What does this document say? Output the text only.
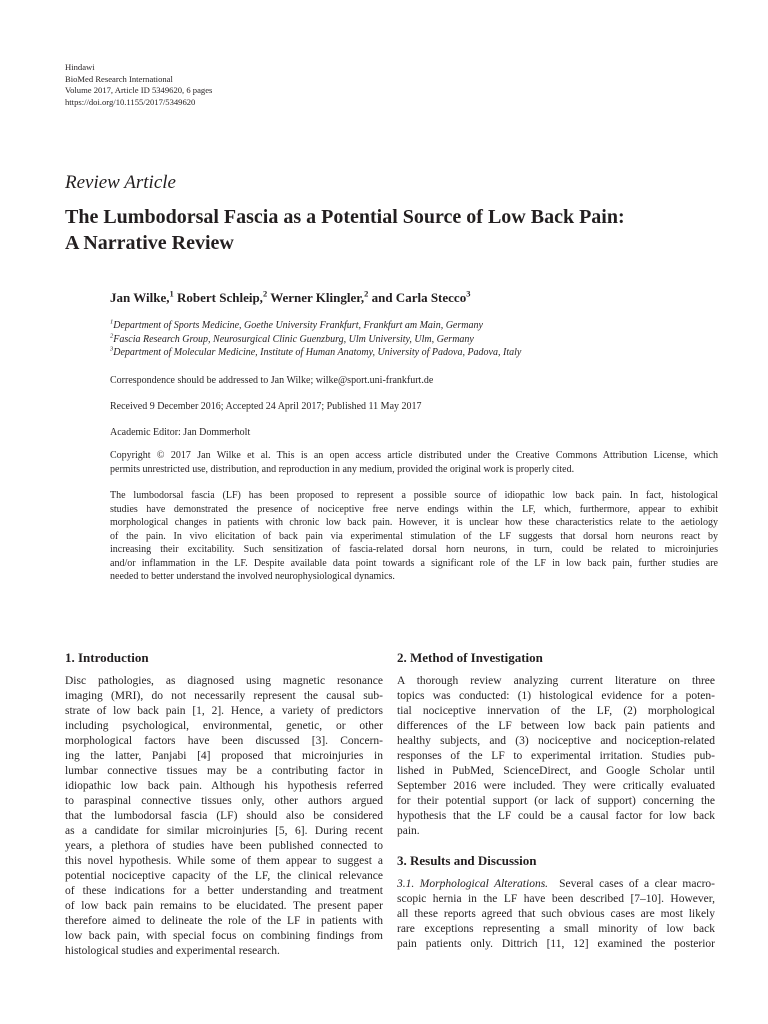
Hindawi
BioMed Research International
Volume 2017, Article ID 5349620, 6 pages
https://doi.org/10.1155/2017/5349620
Review Article
The Lumbodorsal Fascia as a Potential Source of Low Back Pain:
A Narrative Review
Jan Wilke,$^1$ Robert Schleip,$^2$ Werner Klingler,$^2$ and Carla Stecco$^3$
$^1$Department of Sports Medicine, Goethe University Frankfurt, Frankfurt am Main, Germany
$^2$Fascia Research Group, Neurosurgical Clinic Guenzburg, Ulm University, Ulm, Germany
$^3$Department of Molecular Medicine, Institute of Human Anatomy, University of Padova, Padova, Italy
Correspondence should be addressed to Jan Wilke; wilke@sport.uni-frankfurt.de
Received 9 December 2016; Accepted 24 April 2017; Published 11 May 2017
Academic Editor: Jan Dommerholt
Copyright © 2017 Jan Wilke et al. This is an open access article distributed under the Creative Commons Attribution License, which
permits unrestricted use, distribution, and reproduction in any medium, provided the original work is properly cited.
The lumbodorsal fascia (LF) has been proposed to represent a possible source of idiopathic low back pain. In fact, histological
studies have demonstrated the presence of nociceptive free nerve endings within the LF, which, furthermore, appear to exhibit
morphological changes in patients with chronic low back pain. However, it is unclear how these characteristics relate to the aetiology
of the pain. In vivo elicitation of back pain via experimental stimulation of the LF suggests that dorsal horn neurons react by
increasing their excitability. Such sensitization of fascia-related dorsal horn neurons, in turn, could be related to microinjuries
and/or inflammation in the LF. Despite available data point towards a significant role of the LF in low back pain, further studies are
needed to better understand the involved neurophysiological dynamics.
1. Introduction
Disc pathologies, as diagnosed using magnetic resonance
imaging (MRI), do not necessarily represent the causal sub-
strate of low back pain [1, 2]. Hence, a variety of predictors
including psychological, environmental, genetic, or other
morphological factors have been discussed [3]. Concern-
ing the latter, Panjabi [4] proposed that microinjuries in
lumbar connective tissues may be a contributing factor in
idiopathic low back pain. Although his hypothesis referred
to paraspinal connective tissues only, other authors argued
that the lumbodorsal fascia (LF) should also be considered
as a candidate for similar microinjuries [5, 6]. During recent
years, a plethora of studies have been published connected to
this novel hypothesis. While some of them appear to suggest a
potential nociceptive capacity of the LF, the clinical relevance
of these indications for a better understanding and treatment
of low back pain remains to be elucidated. The present paper
therefore aimed to delineate the role of the LF in patients with
low back pain, with special focus on combining findings from
histological studies and experimental research.
2. Method of Investigation
A thorough review analyzing current literature on three
topics was conducted: (1) histological evidence for a poten-
tial nociceptive innervation of the LF, (2) morphological
differences of the LF between low back pain patients and
healthy subjects, and (3) nociceptive and nociception-related
responses of the LF to experimental irritation. Studies pub-
lished in PubMed, ScienceDirect, and Google Scholar until
September 2016 were included. They were critically evaluated
for their potential support (or lack of support) concerning the
hypothesis that the LF could be a causal factor for low back
pain.
3. Results and Discussion
3.1. Morphological Alterations. Several cases of a clear macro-
scopic hernia in the LF have been described [7–10]. However,
all these reports agreed that such obvious cases are most likely
rare exceptions representing a small minority of low back
pain patients only. Dittrich [11, 12] examined the posterior
